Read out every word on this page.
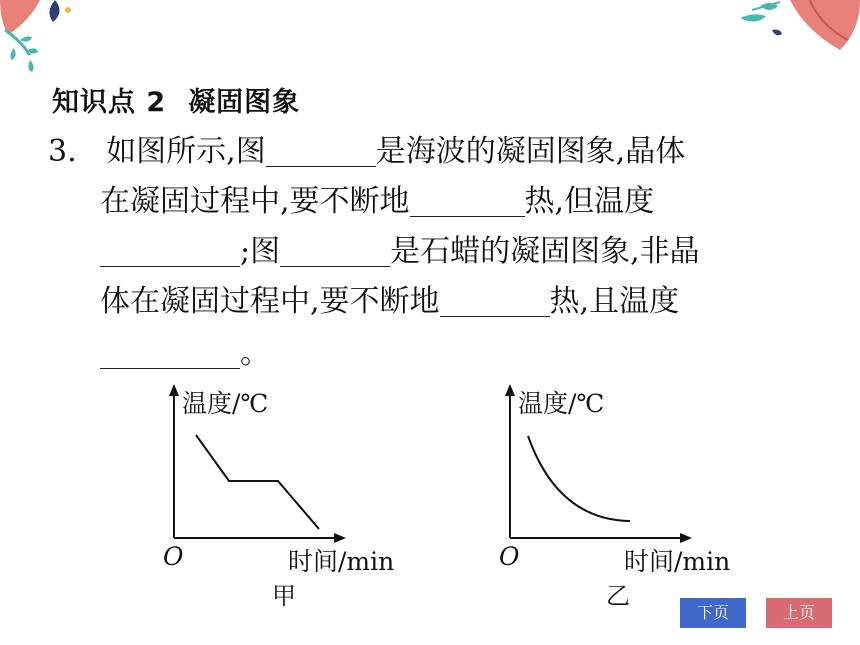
知识点 2 凝固图象
3. 如图所示,图	是海波的凝固图象,晶体
在凝固过程中,要不断地	热,但温度
;图	是石蜡的凝固图象,非晶
体在凝固过程中,要不断地	热,且温度
。
温度/℃
O	时间/min
甲
温度/℃
O	时间/min
乙
下页	上页
